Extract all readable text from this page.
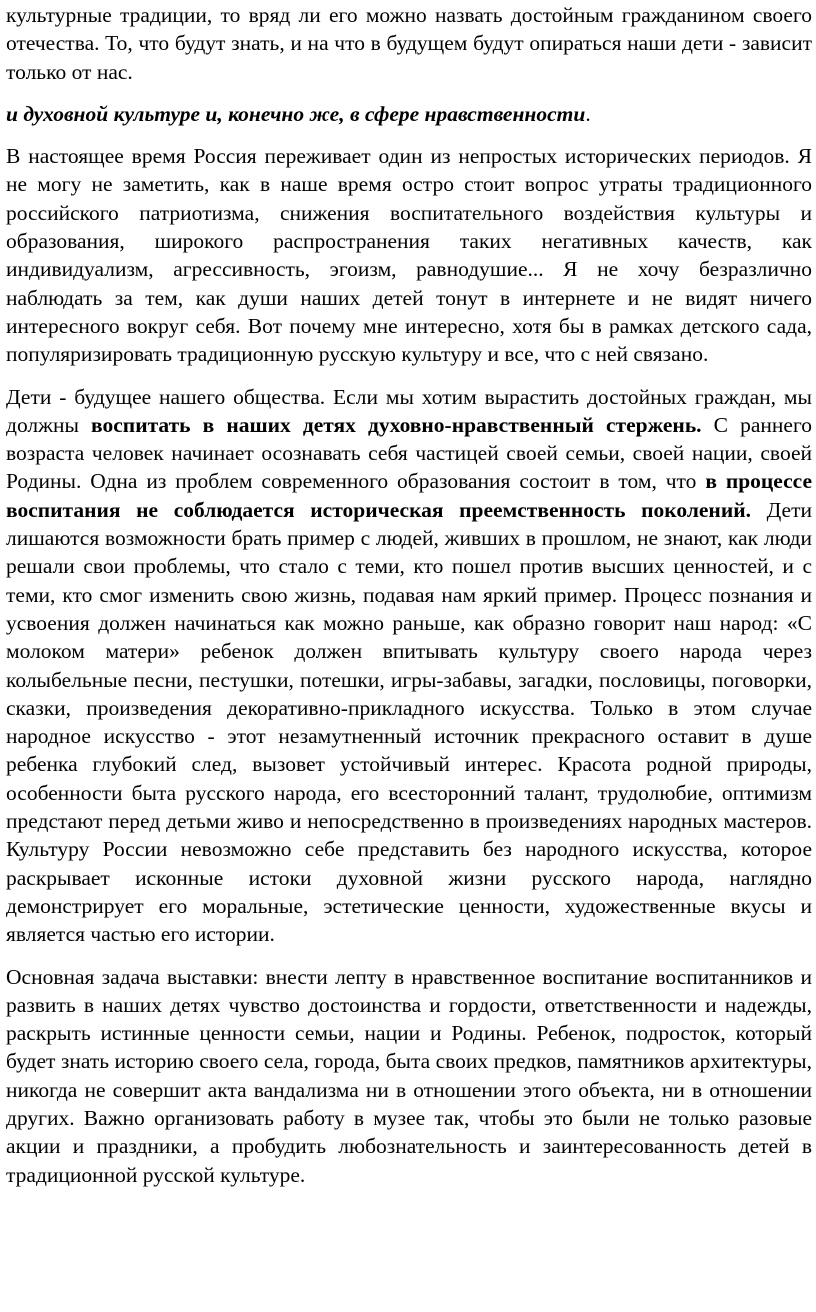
культурные традиции, то вряд ли его можно назвать достойным гражданином своего отечества. То, что будут знать, и на что в будущем будут опираться наши дети - зависит только от нас.

и духовной культуре и, конечно же, в сфере нравственности.

В настоящее время Россия переживает один из непростых исторических периодов. Я не могу не заметить, как в наше время остро стоит вопрос утраты традиционного российского патриотизма, снижения воспитательного воздействия культуры и образования, широкого распространения таких негативных качеств, как индивидуализм, агрессивность, эгоизм, равнодушие... Я не хочу безразлично наблюдать за тем, как души наших детей тонут в интернете и не видят ничего интересного вокруг себя. Вот почему мне интересно, хотя бы в рамках детского сада, популяризировать традиционную русскую культуру и все, что с ней связано.

Дети - будущее нашего общества. Если мы хотим вырастить достойных граждан, мы должны воспитать в наших детях духовно-нравственный стержень. С раннего возраста человек начинает осознавать себя частицей своей семьи, своей нации, своей Родины. Одна из проблем современного образования состоит в том, что в процессе воспитания не соблюдается историческая преемственность поколений. Дети лишаются возможности брать пример с людей, живших в прошлом, не знают, как люди решали свои проблемы, что стало с теми, кто пошел против высших ценностей, и с теми, кто смог изменить свою жизнь, подавая нам яркий пример. Процесс познания и усвоения должен начинаться как можно раньше, как образно говорит наш народ: «С молоком матери» ребенок должен впитывать культуру своего народа через колыбельные песни, пестушки, потешки, игры-забавы, загадки, пословицы, поговорки, сказки, произведения декоративно-прикладного искусства. Только в этом случае народное искусство - этот незамутненный источник прекрасного оставит в душе ребенка глубокий след, вызовет устойчивый интерес. Красота родной природы, особенности быта русского народа, его всесторонний талант, трудолюбие, оптимизм предстают перед детьми живо и непосредственно в произведениях народных мастеров. Культуру России невозможно себе представить без народного искусства, которое раскрывает исконные истоки духовной жизни русского народа, наглядно демонстрирует его моральные, эстетические ценности, художественные вкусы и является частью его истории.

Основная задача выставки: внести лепту в нравственное воспитание воспитанников и развить в наших детях чувство достоинства и гордости, ответственности и надежды, раскрыть истинные ценности семьи, нации и Родины. Ребенок, подросток, который будет знать историю своего села, города, быта своих предков, памятников архитектуры, никогда не совершит акта вандализма ни в отношении этого объекта, ни в отношении других. Важно организовать работу в музее так, чтобы это были не только разовые акции и праздники, а пробудить любознательность и заинтересованность детей в традиционной русской культуре.
